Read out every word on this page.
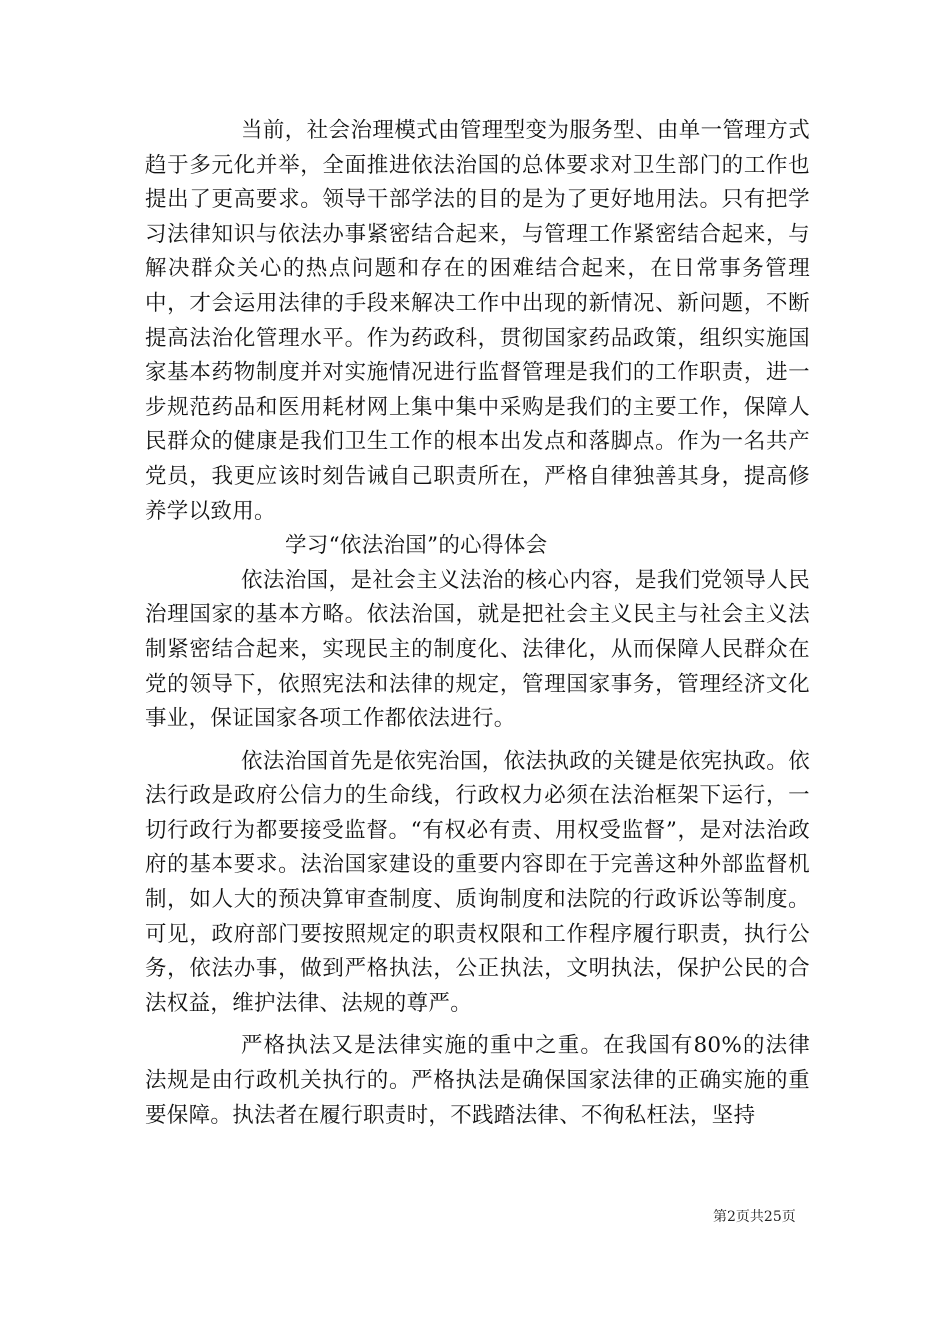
当前，社会治理模式由管理型变为服务型、由单一管理方式趋于多元化并举，全面推进依法治国的总体要求对卫生部门的工作也提出了更高要求。领导干部学法的目的是为了更好地用法。只有把学习法律知识与依法办事紧密结合起来，与管理工作紧密结合起来，与解决群众关心的热点问题和存在的困难结合起来，在日常事务管理中，才会运用法律的手段来解决工作中出现的新情况、新问题，不断提高法治化管理水平。作为药政科，贯彻国家药品政策，组织实施国家基本药物制度并对实施情况进行监督管理是我们的工作职责，进一步规范药品和医用耗材网上集中集中采购是我们的主要工作，保障人民群众的健康是我们卫生工作的根本出发点和落脚点。作为一名共产党员，我更应该时刻告诫自己职责所在，严格自律独善其身，提高修养学以致用。

学习“依法治国”的心得体会

依法治国，是社会主义法治的核心内容，是我们党领导人民治理国家的基本方略。依法治国，就是把社会主义民主与社会主义法制紧密结合起来，实现民主的制度化、法律化，从而保障人民群众在党的领导下，依照宪法和法律的规定，管理国家事务，管理经济文化事业，保证国家各项工作都依法进行。

依法治国首先是依宪治国，依法执政的关键是依宪执政。依法行政是政府公信力的生命线，行政权力必须在法治框架下运行，一切行政行为都要接受监督。“有权必有责、用权受监督”，是对法治政府的基本要求。法治国家建设的重要内容即在于完善这种外部监督机制，如人大的预决算审查制度、质询制度和法院的行政诉讼等制度。可见，政府部门要按照规定的职责权限和工作程序履行职责，执行公务，依法办事，做到严格执法，公正执法，文明执法，保护公民的合法权益，维护法律、法规的尊严。

严格执法又是法律实施的重中之重。在我国有80%的法律法规是由行政机关执行的。严格执法是确保国家法律的正确实施的重要保障。执法者在履行职责时，不践踏法律、不徇私枉法，坚持

第2页共25页
